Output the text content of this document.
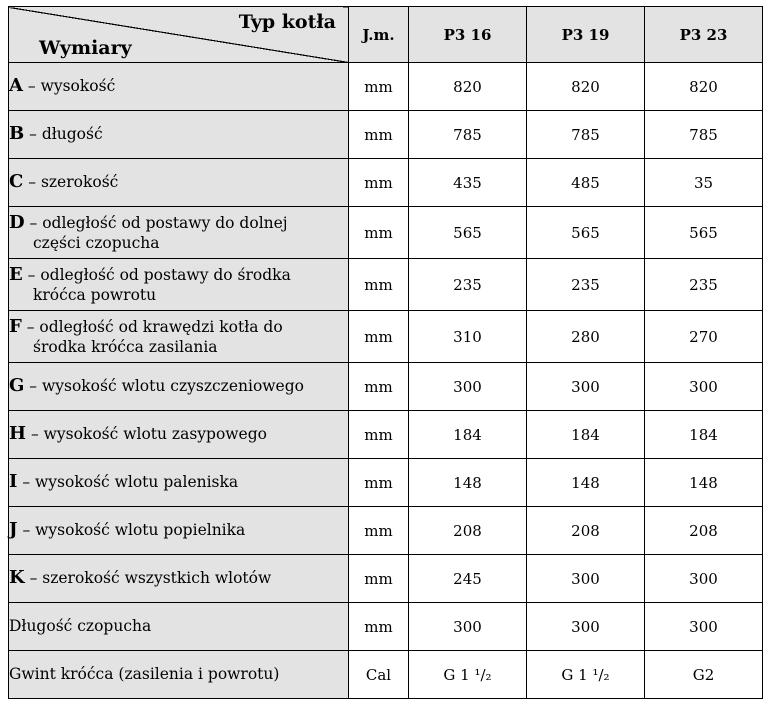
Typ kotła
Wymiary	J.m.	P3 16	P3 19	P3 23
A – wysokość	mm	820	820	820
B – długość	mm	785	785	785
C – szerokość	mm	435	485	35
D – odległość od postawy do dolnej
części czopucha	mm	565	565	565
E – odległość od postawy do środka
króćca powrotu	mm	235	235	235
F – odległość od krawędzi kotła do
środka króćca zasilania	mm	310	280	270
G – wysokość wlotu czyszczeniowego	mm	300	300	300
H – wysokość wlotu zasypowego	mm	184	184	184
I – wysokość wlotu paleniska	mm	148	148	148
J – wysokość wlotu popielnika	mm	208	208	208
K – szerokość wszystkich wlotów	mm	245	300	300
Długość czopucha	mm	300	300	300
Gwint króćca (zasilenia i powrotu)	Cal	G 1 ¹/₂	G 1 ¹/₂	G2
